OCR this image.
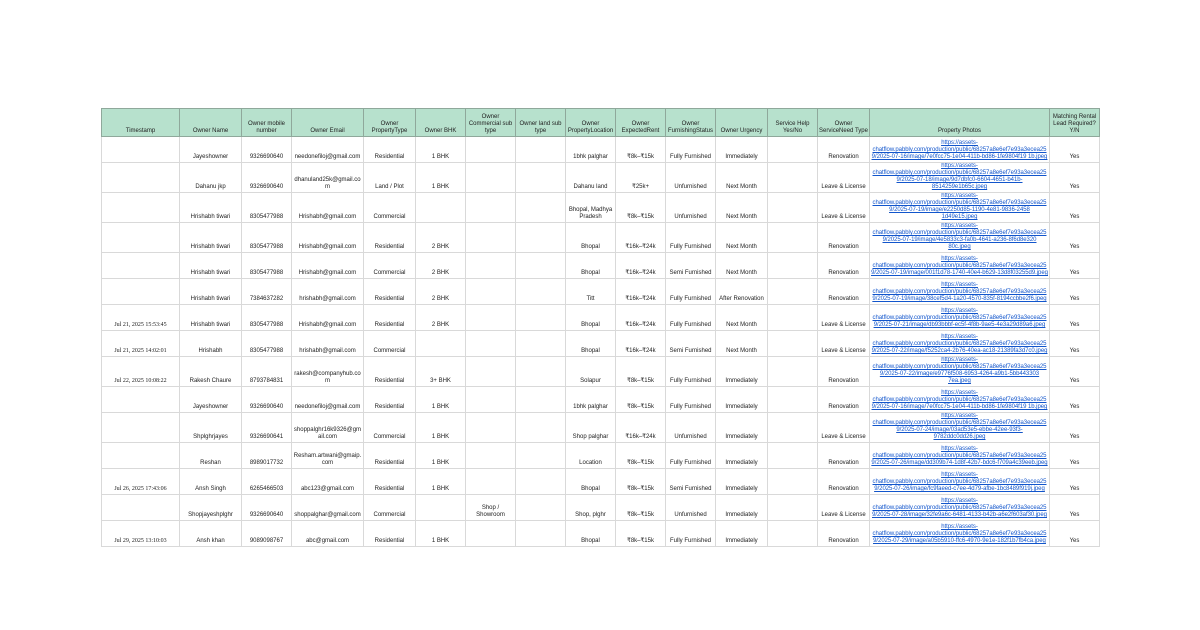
Timestamp	Owner Name	Owner mobile number	Owner Email	Owner PropertyType	Owner BHK	Owner Commercial sub type	Owner land sub type	Owner PropertyLocation	Owner ExpectedRent	Owner FurnishingStatus	Owner Urgency	Service Help Yes/No	Owner ServiceNeed Type	Property Photos	Matching Rental Lead Required? Y/N
	Jayeshowner	9326690640	needonefiloj@gmail.com	Residential	1 BHK			1bhk palghar	₹8k–₹15k	Fully Furnished	Immediately		Renovation	https://assets-chatflow.pabbly.com/production/public/68257a8e6ef7e93a3ecea259/2025-07-16/image/7e0fcc75-1e04-411b-bd86-1fe9804f19 1b.jpeg	Yes
	Dahanu jkp	9326690640	dhanuland25k@gmail.com	Land / Plot	1 BHK			Dahanu land	₹25k+	Unfurnished	Next Month		Leave & License	https://assets-chatflow.pabbly.com/production/public/68257a8e6ef7e93a3ecea259/2025-07-18/image/9d7dbfc0-6604-4651-b41b-8514259e1b65c.jpeg	Yes
	Hrishabh tiwari	8305477988	Hrishabh@gmail.com	Commercial				Bhopal, Madhya Pradesh	₹8k–₹15k	Unfurnished	Next Month		Leave & License	https://assets-chatflow.pabbly.com/production/public/68257a8e6ef7e93a3ecea259/2025-07-19/image/e2250d85-1190-4e81-9836-2458 1d49e15.jpeg	Yes
	Hrishabh tiwari	8305477988	Hrishabh@gmail.com	Residential	2 BHK			Bhopal	₹16k–₹24k	Fully Furnished	Next Month		Renovation	https://assets-chatflow.pabbly.com/production/public/68257a8e6ef7e93a3ecea259/2025-07-19/image/4e5833c3-fa0b-4641-a236-8f6d8e320 80c.jpeg	Yes
	Hrishabh tiwari	8305477988	Hrishabh@gmail.com	Commercial	2 BHK			Bhopal	₹16k–₹24k	Semi Furnished	Next Month		Renovation	https://assets-chatflow.pabbly.com/production/public/68257a8e6ef7e93a3ecea259/2025-07-19/image/001f1d78-1740-40e4-b629-13d8f03255d9.jpeg	Yes
	Hrishabh tiwari	7384637282	hrishabh@gmail.com	Residential	2 BHK			Titt	₹16k–₹24k	Fully Furnished	After Renovation		Renovation	https://assets-chatflow.pabbly.com/production/public/68257a8e6ef7e93a3ecea259/2025-07-19/image/38cef5d4-1a20-4570-835f-8194ccbbe2f6.jpeg	Yes
Jul 21, 2025 15:53:45	Hrishabh tiwari	8305477988	Hrishabh@gmail.com	Residential	2 BHK			Bhopal	₹16k–₹24k	Fully Furnished	Next Month		Leave & License	https://assets-chatflow.pabbly.com/production/public/68257a8e6ef7e93a3ecea259/2025-07-21/image/db93bbbf-ec5f-4f8b-9ae5-4e3a29d89a6.jpeg	Yes
Jul 21, 2025 14:02:01	Hrishabh	8305477988	hrishabh@gmail.com	Commercial				Bhopal	₹16k–₹24k	Semi Furnished	Next Month		Leave & License	https://assets-chatflow.pabbly.com/production/public/68257a8e6ef7e93a3ecea259/2025-07-22/image/f5252ca4-2b76-40ea-ac18-21389fa3d7c0.jpeg	Yes
Jul 22, 2025 10:08:22	Rakesh Chaure	8793784831	rakesh@companyhub.com	Residential	3+ BHK			Solapur	₹8k–₹15k	Fully Furnished	Immediately		Renovation	https://assets-chatflow.pabbly.com/production/public/68257a8e6ef7e93a3ecea259/2025-07-22/image/e9776f508-6953-4264-a9b1-5bb443303 7ea.jpeg	Yes
	Jayeshowner	9326690640	needonefiloj@gmail.com	Residential	1 BHK			1bhk palghar	₹8k–₹15k	Fully Furnished	Immediately		Renovation	https://assets-chatflow.pabbly.com/production/public/68257a8e6ef7e93a3ecea259/2025-07-16/image/7e0fcc75-1e04-411b-bd86-1fe9804f19 1b.jpeg	Yes
	Shplghrjayes	9326690641	shoppalghr16k9326@gmail.com	Commercial	1 BHK			Shop palghar	₹16k–₹24k	Unfurnished	Immediately		Leave & License	https://assets-chatflow.pabbly.com/production/public/68257a8e6ef7e93a3ecea259/2025-07-24/image/03ad53e5-ebbe-42ee-93f3-9782ddc0dd26.jpeg	Yes
	Reshan	8989017732	Resham.artwani@gmaip.com	Residential	1 BHK			Location	₹8k–₹15k	Fully Furnished	Immediately		Renovation	https://assets-chatflow.pabbly.com/production/public/68257a8e6ef7e93a3ecea259/2025-07-26/image/dd309b74-1d8f-42b7-bdc6-f709a4c39eeb.jpeg	Yes
Jul 26, 2025 17:43:06	Ansh Singh	6265466503	abc123@gmail.com	Residential	1 BHK			Bhopal	₹8k–₹15k	Semi Furnished	Immediately		Renovation	https://assets-chatflow.pabbly.com/production/public/68257a8e6ef7e93a3ecea259/2025-07-26/image/fc9faeed-c7ee-4d79-afbe-1bc8489f919j.jpeg	Yes
	Shopjayeshplghr	9326690640	shoppalghar@gmail.com	Commercial		Shop / Showroom		Shop, plghr	₹8k–₹15k	Unfurnished	Immediately		Leave & License	https://assets-chatflow.pabbly.com/production/public/68257a8e6ef7e93a3ecea259/2025-07-28/image/32fe9a6c-6481-4133-b42b-a6e2f603af30.jpeg	Yes
Jul 29, 2025 13:10:03	Ansh khan	9089098767	abc@gmail.com	Residential	1 BHK			Bhopal	₹8k–₹15k	Fully Furnished	Immediately		Renovation	https://assets-chatflow.pabbly.com/production/public/68257a8e6ef7e93a3ecea259/2025-07-29/image/a05b5910-ffc6-4970-9e1e-182f1b7fb4ca.jpeg	Yes
